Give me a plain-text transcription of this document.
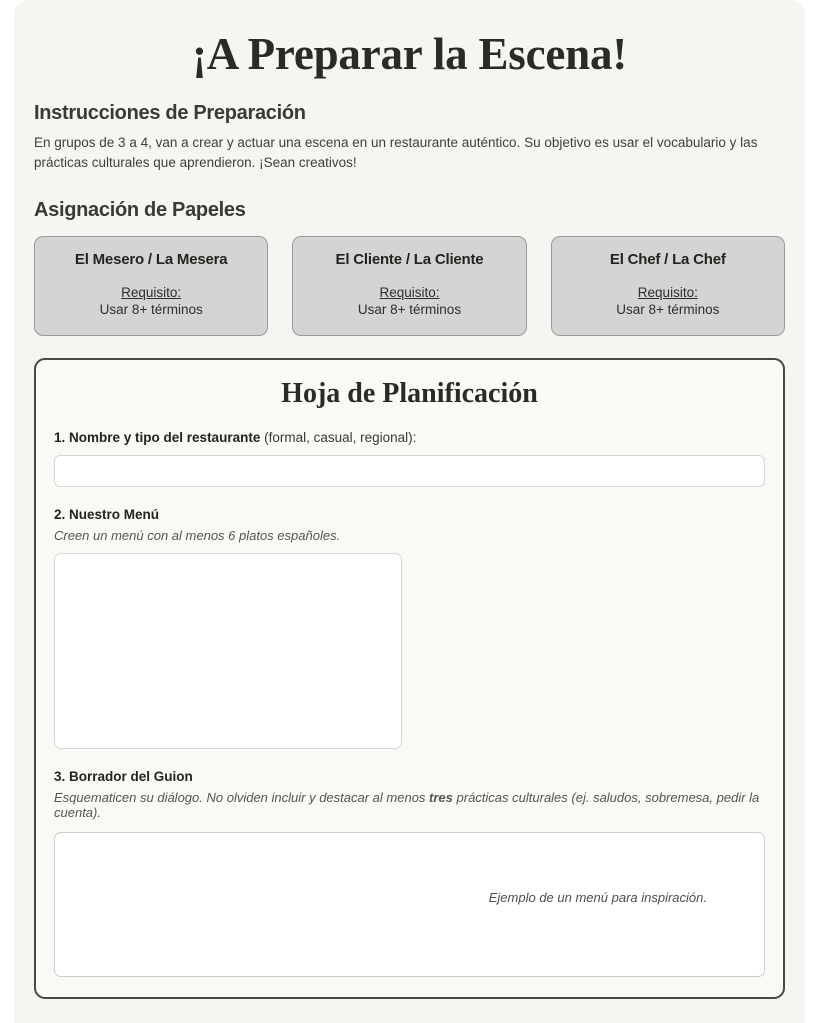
¡A Preparar la Escena!
Instrucciones de Preparación

En grupos de 3 a 4, van a crear y actuar una escena en un restaurante auténtico. Su objetivo es usar el vocabulario y las prácticas culturales que aprendieron. ¡Sean creativos!

Asignación de Papeles
El Mesero / La Mesera
Requisito:
Usar 8+ términos
El Cliente / La Cliente
Requisito:
Usar 8+ términos
El Chef / La Chef
Requisito:
Usar 8+ términos
Hoja de Planificación
1. Nombre y tipo del restaurante (formal, casual, regional):
2. Nuestro Menú
Creen un menú con al menos 6 platos españoles.
3. Borrador del Guion
Esquematicen su diálogo. No olviden incluir y destacar al menos tres prácticas culturales (ej. saludos, sobremesa, pedir la cuenta).
Ejemplo de un menú para inspiración.
